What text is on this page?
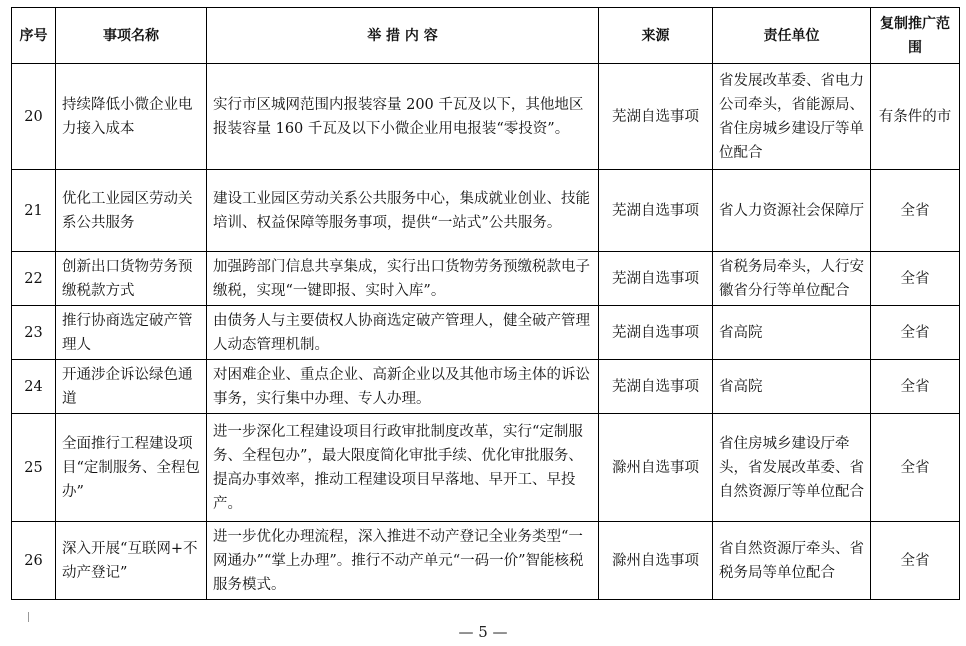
序号	事项名称	举 措 内 容	来源	责任单位	复制推广范围
20	持续降低小微企业电力接入成本	实行市区城网范围内报装容量 200 千瓦及以下，其他地区报装容量 160 千瓦及以下小微企业用电报装“零投资”。	芜湖自选事项	省发展改革委、省电力公司牵头，省能源局、省住房城乡建设厅等单位配合	有条件的市
21	优化工业园区劳动关系公共服务	建设工业园区劳动关系公共服务中心，集成就业创业、技能培训、权益保障等服务事项，提供“一站式”公共服务。	芜湖自选事项	省人力资源社会保障厅	全省
22	创新出口货物劳务预缴税款方式	加强跨部门信息共享集成，实行出口货物劳务预缴税款电子缴税，实现“一键即报、实时入库”。	芜湖自选事项	省税务局牵头，人行安徽省分行等单位配合	全省
23	推行协商选定破产管理人	由债务人与主要债权人协商选定破产管理人，健全破产管理人动态管理机制。	芜湖自选事项	省高院	全省
24	开通涉企诉讼绿色通道	对困难企业、重点企业、高新企业以及其他市场主体的诉讼事务，实行集中办理、专人办理。	芜湖自选事项	省高院	全省
25	全面推行工程建设项目“定制服务、全程包办”	进一步深化工程建设项目行政审批制度改革，实行“定制服务、全程包办”，最大限度简化审批手续、优化审批服务、提高办事效率，推动工程建设项目早落地、早开工、早投产。	滁州自选事项	省住房城乡建设厅牵头，省发展改革委、省自然资源厅等单位配合	全省
26	深入开展“互联网+不动产登记”	进一步优化办理流程，深入推进不动产登记全业务类型“一网通办”“掌上办理”。推行不动产单元“一码一价”智能核税服务模式。	滁州自选事项	省自然资源厅牵头、省税务局等单位配合	全省
— 5 —
